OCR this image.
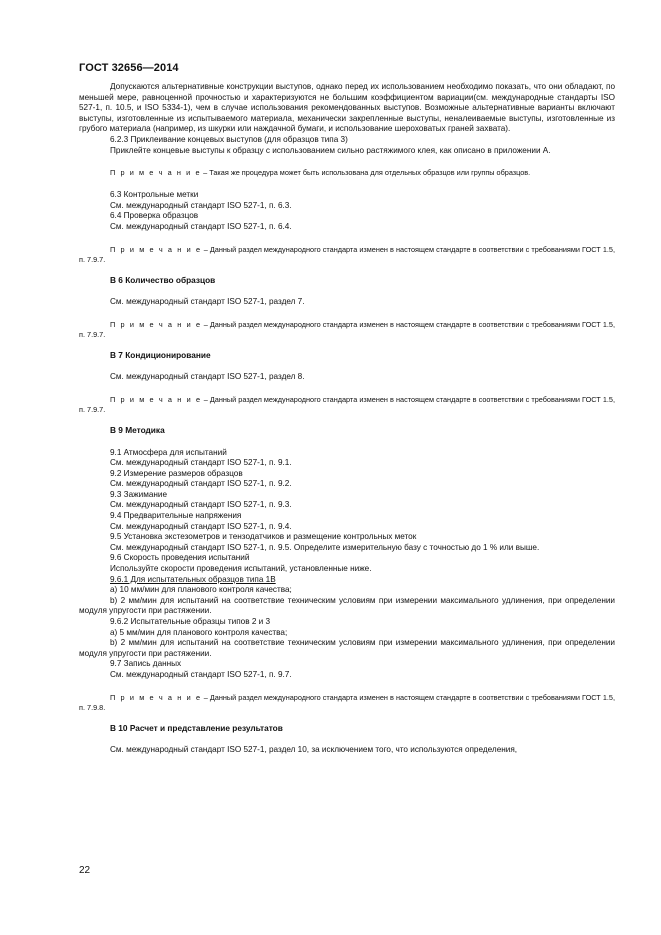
ГОСТ 32656—2014

Допускаются альтернативные конструкции выступов, однако перед их использованием необходимо показать, что они обладают, по меньшей мере, равноценной прочностью и характеризуются не большим коэффициентом вариации(см. международные стандарты ISO 527-1, п. 10.5, и ISO 5334-1), чем в случае использования рекомендованных выступов. Возможные альтернативные варианты включают выступы, изготовленные из испытываемого материала, механически закрепленные выступы, неналеиваемые выступы, изготовленные из грубого материала (например, из шкурки или наждачной бумаги, и использование шероховатых граней захвата).

6.2.3 Приклеивание концевых выступов (для образцов типа 3)

Приклейте концевые выступы к образцу с использованием сильно растяжимого клея, как описано в приложении А.

П р и м е ч а н и е – Такая же процедура может быть использована для отдельных образцов или группы образцов.

6.3 Контрольные метки

См. международный стандарт ISO 527-1, п. 6.3.

6.4 Проверка образцов

См. международный стандарт ISO 527-1, п. 6.4.

П р и м е ч а н и е – Данный раздел международного стандарта изменен в настоящем стандарте в соответствии с требованиями ГОСТ 1.5, п. 7.9.7.

В 6 Количество образцов

См. международный стандарт ISO 527-1, раздел 7.

П р и м е ч а н и е – Данный раздел международного стандарта изменен в настоящем стандарте в соответствии с требованиями ГОСТ 1.5, п. 7.9.7.

В 7 Кондиционирование

См. международный стандарт ISO 527-1, раздел 8.

П р и м е ч а н и е – Данный раздел международного стандарта изменен в настоящем стандарте в соответствии с требованиями ГОСТ 1.5, п. 7.9.7.

В 9 Методика

9.1 Атмосфера для испытаний

См. международный стандарт ISO 527-1, п. 9.1.

9.2 Измерение размеров образцов

См. международный стандарт ISO 527-1, п. 9.2.

9.3 Зажимание

См. международный стандарт ISO 527-1, п. 9.3.

9.4 Предварительные напряжения

См. международный стандарт ISO 527-1, п. 9.4.

9.5 Установка экстезометров и тензодатчиков и размещение контрольных меток

См. международный стандарт ISO 527-1, п. 9.5. Определите измерительную базу с точностью до 1 % или выше.

9.6 Скорость проведения испытаний

Используйте скорости проведения испытаний, установленные ниже.

9.6.1 Для испытательных образцов типа 1В

a) 10 мм/мин для планового контроля качества;

b) 2 мм/мин для испытаний на соответствие техническим условиям при измерении максимального удлинения, при определении модуля упругости при растяжении.

9.6.2 Испытательные образцы типов 2 и 3

a) 5 мм/мин для планового контроля качества;

b) 2 мм/мин для испытаний на соответствие техническим условиям при измерении максимального удлинения, при определении модуля упругости при растяжении.

9.7 Запись данных

См. международный стандарт ISO 527-1, п. 9.7.

П р и м е ч а н и е – Данный раздел международного стандарта изменен в настоящем стандарте в соответствии с требованиями ГОСТ 1.5, п. 7.9.8.

В 10 Расчет и представление результатов

См. международный стандарт ISO 527-1, раздел 10, за исключением того, что используются определения,

22
